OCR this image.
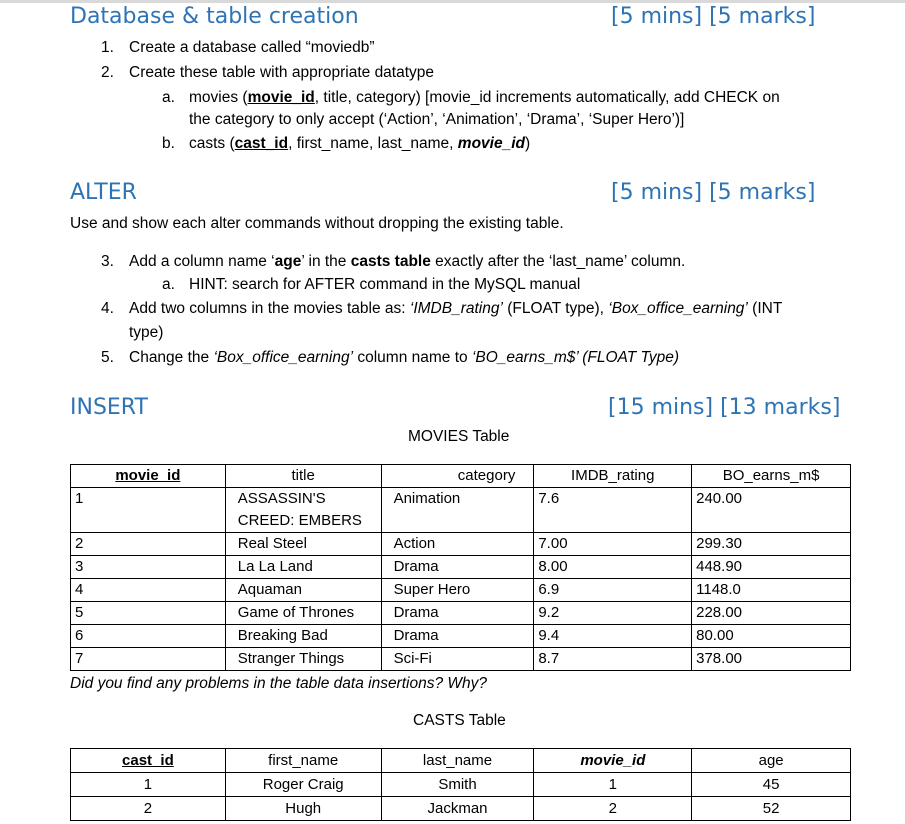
Database & table creation	[5 mins] [5 marks]
1. Create a database called “moviedb”
2. Create these table with appropriate datatype
a. movies (movie_id, title, category) [movie_id increments automatically, add CHECK on
the category to only accept (‘Action’, ‘Animation’, ‘Drama’, ‘Super Hero’)]
b. casts (cast_id, first_name, last_name, movie_id)
ALTER	[5 mins] [5 marks]
Use and show each alter commands without dropping the existing table.
3. Add a column name ‘age’ in the casts table exactly after the ‘last_name’ column.
a. HINT: search for AFTER command in the MySQL manual
4. Add two columns in the movies table as: ‘IMDB_rating’ (FLOAT type), ‘Box_office_earning’ (INT
type)
5. Change the ‘Box_office_earning’ column name to ‘BO_earns_m$’ (FLOAT Type)
INSERT	[15 mins] [13 marks]
MOVIES Table
movie_id	title	category	IMDB_rating	BO_earns_m$
1	ASSASSIN'S	Animation	7.6	240.00
	CREED: EMBERS			
2	Real Steel	Action	7.00	299.30
3	La La Land	Drama	8.00	448.90
4	Aquaman	Super Hero	6.9	1148.0
5	Game of Thrones	Drama	9.2	228.00
6	Breaking Bad	Drama	9.4	80.00
7	Stranger Things	Sci-Fi	8.7	378.00
Did you find any problems in the table data insertions? Why?
CASTS Table
cast_id	first_name	last_name	movie_id	age
1	Roger Craig	Smith	1	45
2	Hugh	Jackman	2	52
